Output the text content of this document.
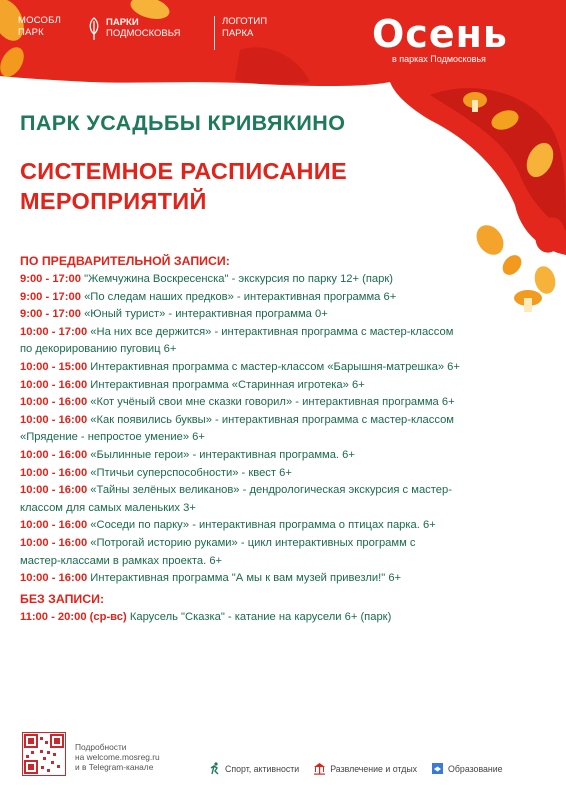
МОСОБЛ
ПАРК
ПАРКИ
ПОДМОСКОВЬЯ
ЛОГОТИП
ПАРКА	Осень
в парках Подмосковья
ПАРК УСАДЬБЫ КРИВЯКИНО
СИСТЕМНОЕ РАСПИСАНИЕ
МЕРОПРИЯТИЙ
ПО ПРЕДВАРИТЕЛЬНОЙ ЗАПИСИ:
9:00 - 17:00 "Жемчужина Воскресенска" - экскурсия по парку 12+ (парк)
9:00 - 17:00 «По следам наших предков» - интерактивная программа 6+
9:00 - 17:00 «Юный турист» - интерактивная программа 0+
10:00 - 17:00 «На них все держится» - интерактивная программа с мастер-классом
по декорированию пуговиц 6+
10:00 - 15:00 Интерактивная программа с мастер-классом «Барышня-матрешка» 6+
10:00 - 16:00 Интерактивная программа «Старинная игротека» 6+
10:00 - 16:00 «Кот учёный свои мне сказки говорил» - интерактивная программа 6+
10:00 - 16:00 «Как появились буквы» - интерактивная программа с мастер-классом
«Прядение - непростое умение» 6+
10:00 - 16:00 «Былинные герои» - интерактивная программа. 6+
10:00 - 16:00 «Птичьи суперспособности» - квест 6+
10:00 - 16:00 «Тайны зелёных великанов» - дендрологическая экскурсия с мастер-
классом для самых маленьких 3+
10:00 - 16:00 «Соседи по парку» - интерактивная программа о птицах парка. 6+
10:00 - 16:00 «Потрогай историю руками» - цикл интерактивных программ с
мастер-классами в рамках проекта. 6+
10:00 - 16:00 Интерактивная программа "А мы к вам музей привезли!" 6+
БЕЗ ЗАПИСИ:
11:00 - 20:00 (ср-вс) Карусель "Сказка" - катание на карусели 6+ (парк)
Подробности
на welcome.mosreg.ru
и в Telegram-канале	Спорт, активности	Развлечение и отдых	Образование
